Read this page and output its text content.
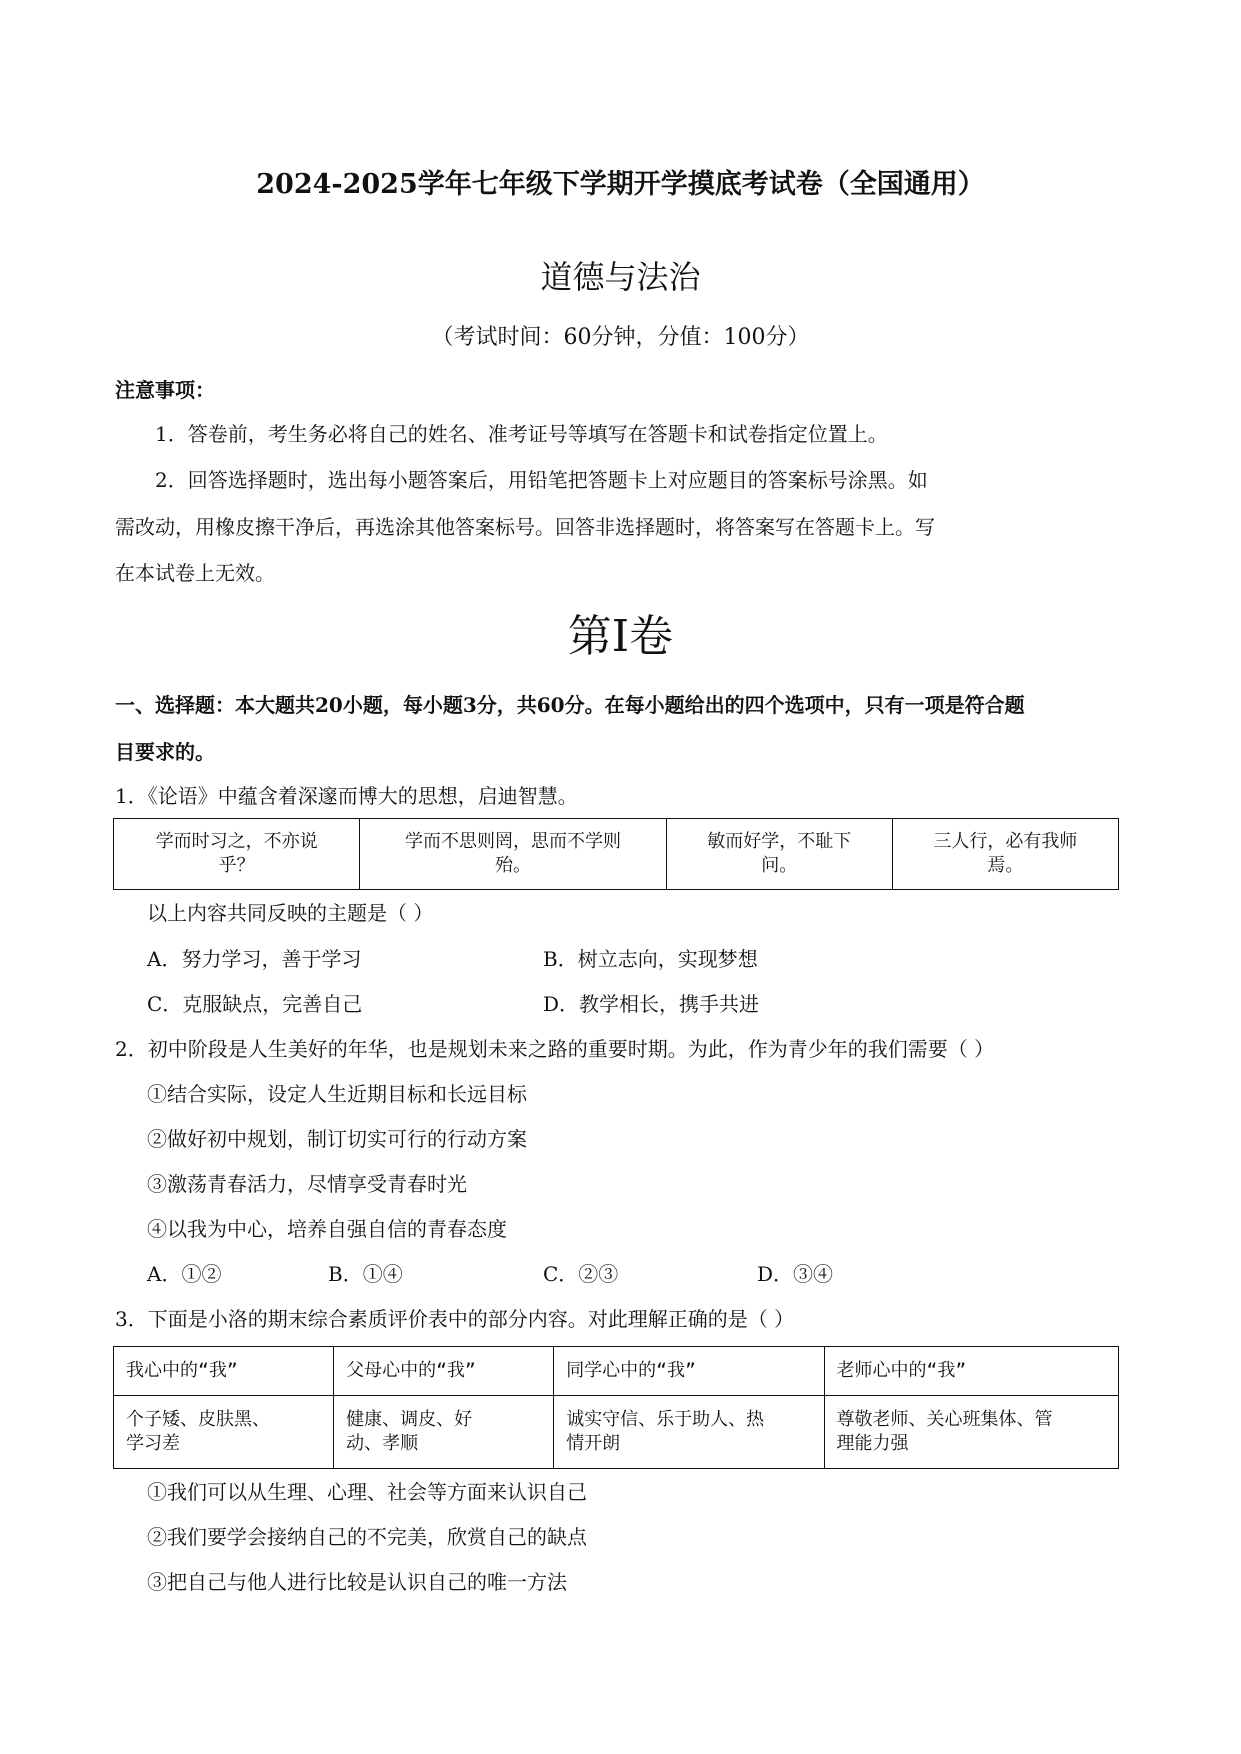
2024-2025学年七年级下学期开学摸底考试卷（全国通用）
道德与法治
（考试时间：60分钟，分值：100分）
注意事项：
1．答卷前，考生务必将自己的姓名、准考证号等填写在答题卡和试卷指定位置上。
2．回答选择题时，选出每小题答案后，用铅笔把答题卡上对应题目的答案标号涂黑。如
需改动，用橡皮擦干净后，再选涂其他答案标号。回答非选择题时，将答案写在答题卡上。写
在本试卷上无效。
第Ⅰ卷
一、选择题：本大题共20小题，每小题3分，共60分。在每小题给出的四个选项中，只有一项是符合题
目要求的。
1．《论语》中蕴含着深邃而博大的思想，启迪智慧。
学而时习之，不亦说
乎？	学而不思则罔，思而不学则
殆。	敏而好学，不耻下
问。	三人行，必有我师
焉。
以上内容共同反映的主题是（ ）
A．努力学习，善于学习	B．树立志向，实现梦想
C．克服缺点，完善自己	D．教学相长，携手共进
2．初中阶段是人生美好的年华，也是规划未来之路的重要时期。为此，作为青少年的我们需要（ ）
①结合实际，设定人生近期目标和长远目标
②做好初中规划，制订切实可行的行动方案
③激荡青春活力，尽情享受青春时光
④以我为中心，培养自强自信的青春态度
A．①②	B．①④	C．②③	D．③④
3．下面是小洛的期末综合素质评价表中的部分内容。对此理解正确的是（ ）
我心中的“我”	父母心中的“我”	同学心中的“我”	老师心中的“我”
个子矮、皮肤黑、
学习差	健康、调皮、好
动、孝顺	诚实守信、乐于助人、热
情开朗	尊敬老师、关心班集体、管
理能力强
①我们可以从生理、心理、社会等方面来认识自己
②我们要学会接纳自己的不完美，欣赏自己的缺点
③把自己与他人进行比较是认识自己的唯一方法
